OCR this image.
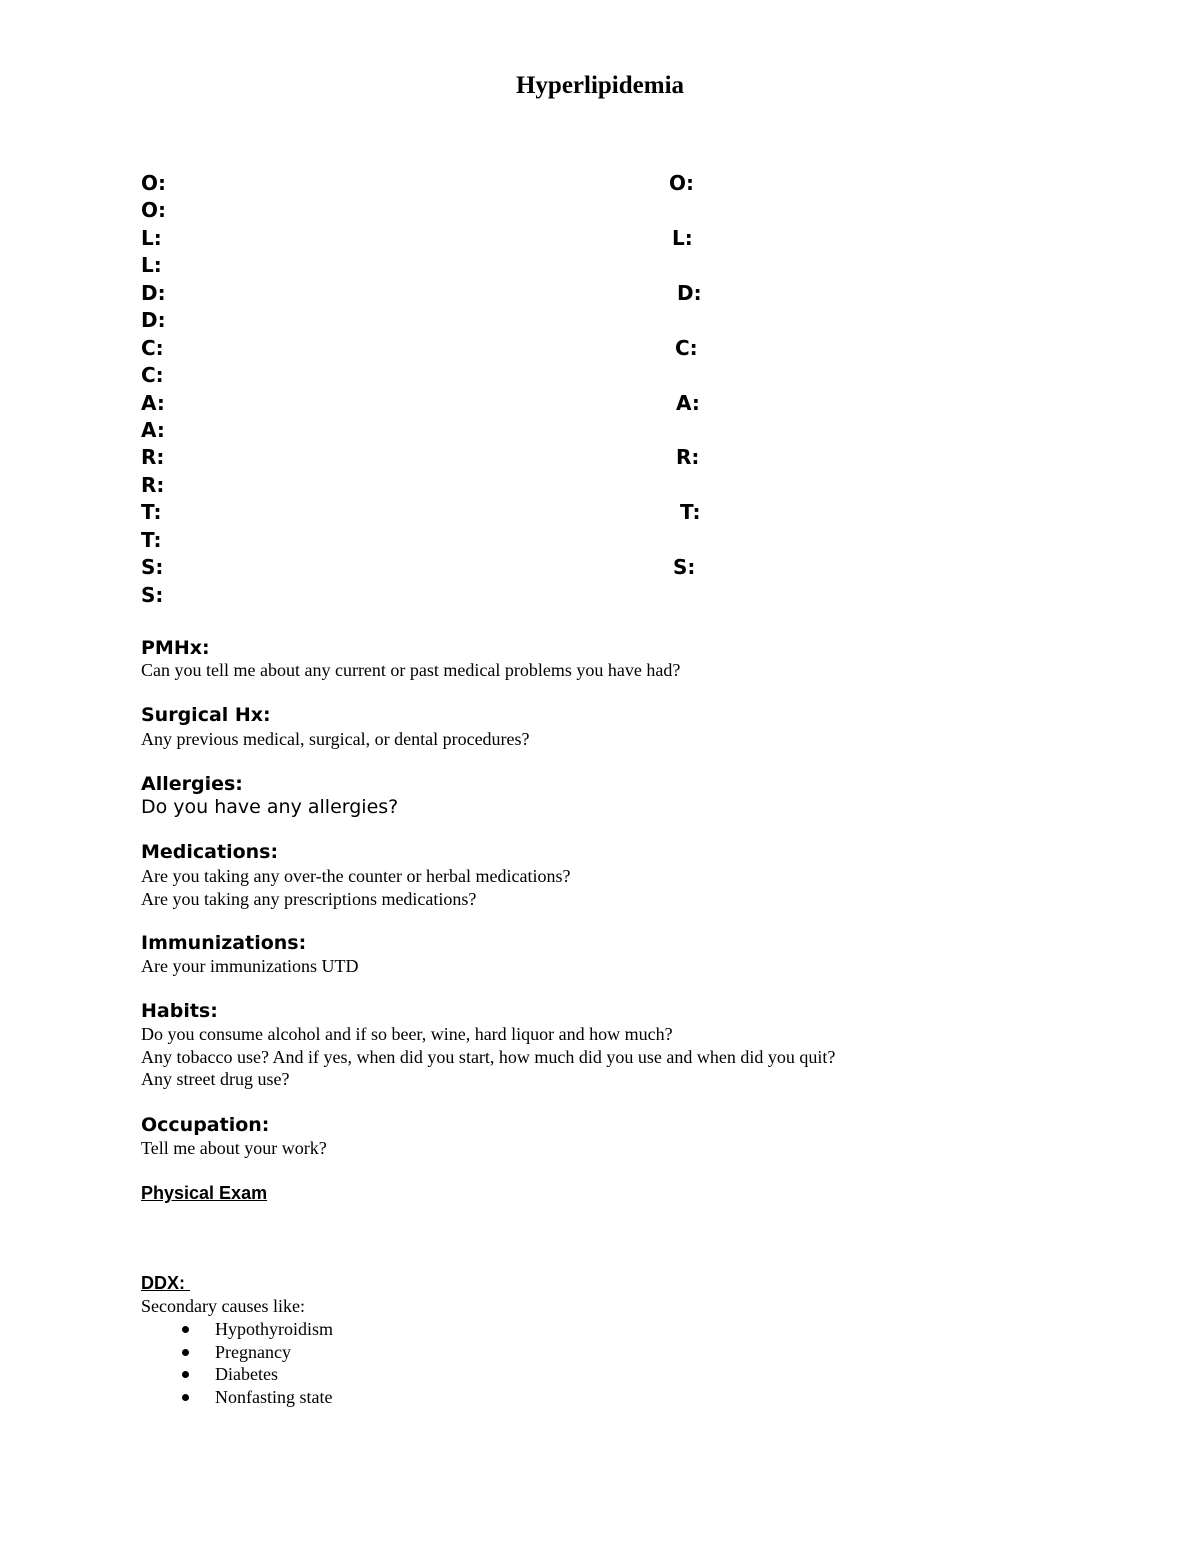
Hyperlipidemia
O:
O:
L:
L:
D:
D:
C:
C:
A:
A:
R:
R:
T:
T:
S:
S:
O:
L:
D:
C:
A:
R:
T:
S:
PMHx:
Can you tell me about any current or past medical problems you have had?
Surgical Hx:
Any previous medical, surgical, or dental procedures?
Allergies:
Do you have any allergies?
Medications:
Are you taking any over-the counter or herbal medications?
Are you taking any prescriptions medications?
Immunizations:
Are your immunizations UTD
Habits:
Do you consume alcohol and if so beer, wine, hard liquor and how much?
Any tobacco use? And if yes, when did you start, how much did you use and when did you quit?
Any street drug use?
Occupation:
Tell me about your work?
Physical Exam
DDX:
Secondary causes like:
Hypothyroidism
Pregnancy
Diabetes
Nonfasting state
